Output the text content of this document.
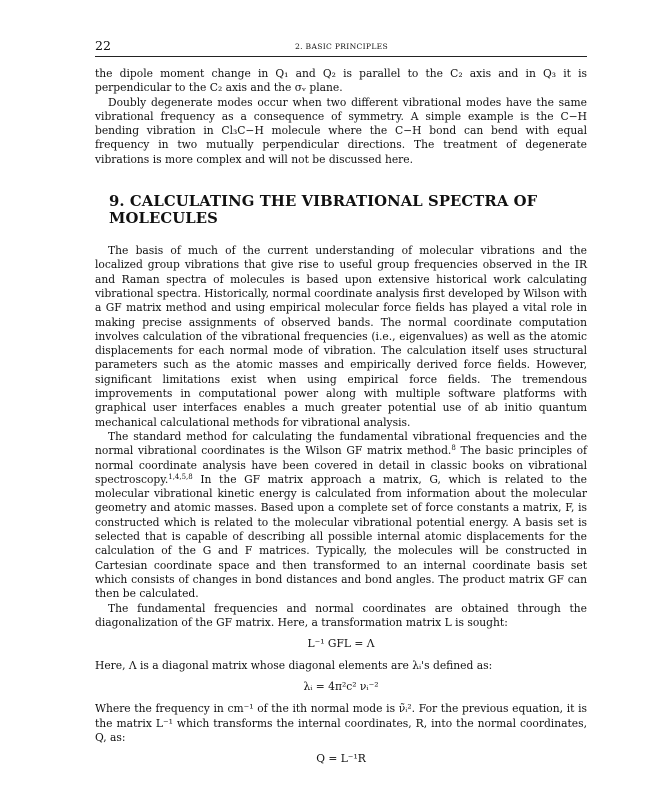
22	2. BASIC PRINCIPLES

the dipole moment change in Q₁ and Q₂ is parallel to the C₂ axis and in Q₃ it is perpendicular to the C₂ axis and the σᵥ plane.

Doubly degenerate modes occur when two different vibrational modes have the same vibrational frequency as a consequence of symmetry. A simple example is the C−H bending vibration in Cl₃C−H molecule where the C−H bond can bend with equal frequency in two mutually perpendicular directions. The treatment of degenerate vibrations is more complex and will not be discussed here.

9. CALCULATING THE VIBRATIONAL SPECTRA OF MOLECULES

The basis of much of the current understanding of molecular vibrations and the localized group vibrations that give rise to useful group frequencies observed in the IR and Raman spectra of molecules is based upon extensive historical work calculating vibrational spectra. Historically, normal coordinate analysis first developed by Wilson with a GF matrix method and using empirical molecular force fields has played a vital role in making precise assignments of observed bands. The normal coordinate computation involves calculation of the vibrational frequencies (i.e., eigenvalues) as well as the atomic displacements for each normal mode of vibration. The calculation itself uses structural parameters such as the atomic masses and empirically derived force fields. However, significant limitations exist when using empirical force fields. The tremendous improvements in computational power along with multiple software platforms with graphical user interfaces enables a much greater potential use of ab initio quantum mechanical calculational methods for vibrational analysis.

The standard method for calculating the fundamental vibrational frequencies and the normal vibrational coordinates is the Wilson GF matrix method.$^8$ The basic principles of normal coordinate analysis have been covered in detail in classic books on vibrational spectroscopy.$^{1,4,5,8}$ In the GF matrix approach a matrix, G, which is related to the molecular vibrational kinetic energy is calculated from information about the molecular geometry and atomic masses. Based upon a complete set of force constants a matrix, F, is constructed which is related to the molecular vibrational potential energy. A basis set is selected that is capable of describing all possible internal atomic displacements for the calculation of the G and F matrices. Typically, the molecules will be constructed in Cartesian coordinate space and then transformed to an internal coordinate basis set which consists of changes in bond distances and bond angles. The product matrix GF can then be calculated.

The fundamental frequencies and normal coordinates are obtained through the diagonalization of the GF matrix. Here, a transformation matrix L is sought:

L⁻¹ GFL = Λ

Here, Λ is a diagonal matrix whose diagonal elements are λᵢ's defined as:

λᵢ = 4π²c² νᵢ⁻²

Where the frequency in cm⁻¹ of the ith normal mode is ν̃ᵢ². For the previous equation, it is the matrix L⁻¹ which transforms the internal coordinates, R, into the normal coordinates, Q, as:

Q = L⁻¹R
